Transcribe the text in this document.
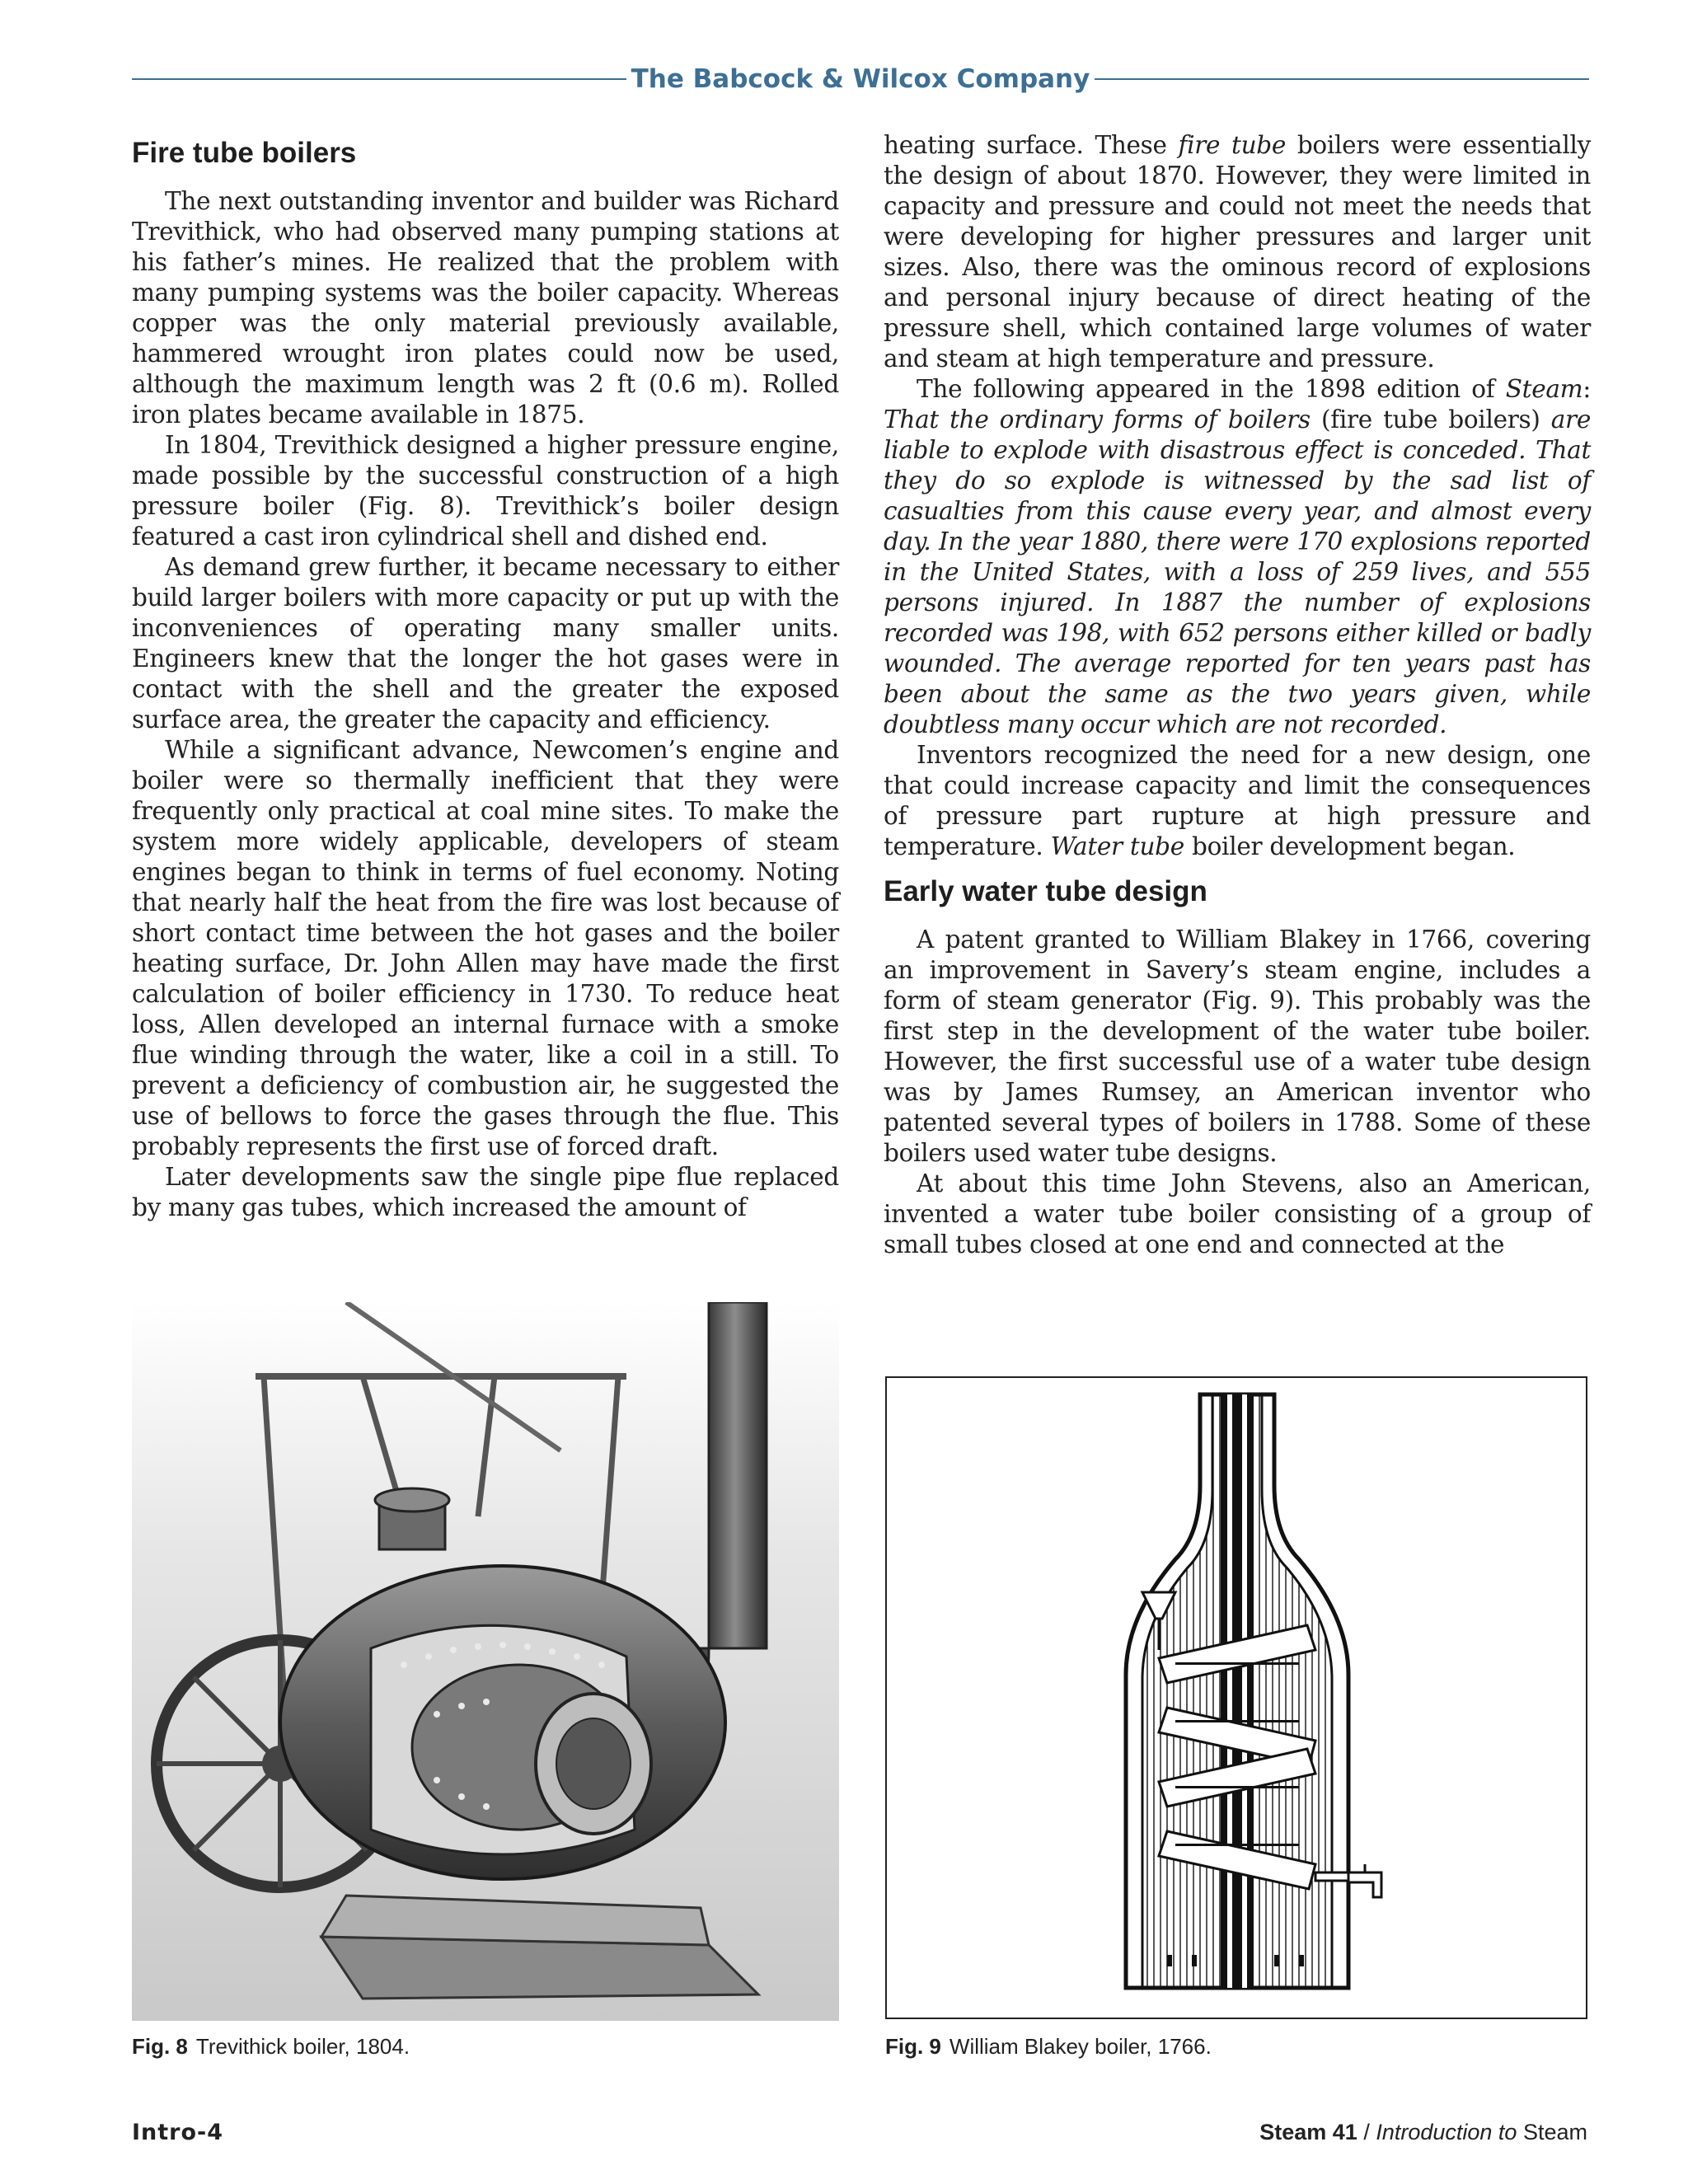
The Babcock & Wilcox Company
Fire tube boilers

The next outstanding inventor and builder was Richard Trevithick, who had observed many pumping stations at his father’s mines. He realized that the problem with many pumping systems was the boiler capacity. Whereas copper was the only material previously available, hammered wrought iron plates could now be used, although the maximum length was 2 ft (0.6 m). Rolled iron plates became available in 1875.

In 1804, Trevithick designed a higher pressure engine, made possible by the successful construction of a high pressure boiler (Fig. 8). Trevithick’s boiler design featured a cast iron cylindrical shell and dished end.

As demand grew further, it became necessary to either build larger boilers with more capacity or put up with the inconveniences of operating many smaller units. Engineers knew that the longer the hot gases were in contact with the shell and the greater the exposed surface area, the greater the capacity and efficiency.

While a significant advance, Newcomen’s engine and boiler were so thermally inefficient that they were frequently only practical at coal mine sites. To make the system more widely applicable, developers of steam engines began to think in terms of fuel economy. Noting that nearly half the heat from the fire was lost because of short contact time between the hot gases and the boiler heating surface, Dr. John Allen may have made the first calculation of boiler efficiency in 1730. To reduce heat loss, Allen developed an internal furnace with a smoke flue winding through the water, like a coil in a still. To prevent a deficiency of combustion air, he suggested the use of bellows to force the gases through the flue. This probably represents the first use of forced draft.

Later developments saw the single pipe flue replaced by many gas tubes, which increased the amount of

heating surface. These fire tube boilers were essentially the design of about 1870. However, they were limited in capacity and pressure and could not meet the needs that were developing for higher pressures and larger unit sizes. Also, there was the ominous record of explosions and personal injury because of direct heating of the pressure shell, which contained large volumes of water and steam at high temperature and pressure.

The following appeared in the 1898 edition of Steam: That the ordinary forms of boilers (fire tube boilers) are liable to explode with disastrous effect is conceded. That they do so explode is witnessed by the sad list of casualties from this cause every year, and almost every day. In the year 1880, there were 170 explosions reported in the United States, with a loss of 259 lives, and 555 persons injured. In 1887 the number of explosions recorded was 198, with 652 persons either killed or badly wounded. The average reported for ten years past has been about the same as the two years given, while doubtless many occur which are not recorded.

Inventors recognized the need for a new design, one that could increase capacity and limit the consequences of pressure part rupture at high pressure and temperature. Water tube boiler development began.

Early water tube design

A patent granted to William Blakey in 1766, covering an improvement in Savery’s steam engine, includes a form of steam generator (Fig. 9). This probably was the first step in the development of the water tube boiler. However, the first successful use of a water tube design was by James Rumsey, an American inventor who patented several types of boilers in 1788. Some of these boilers used water tube designs.

At about this time John Stevens, also an American, invented a water tube boiler consisting of a group of small tubes closed at one end and connected at the

Fig. 8 Trevithick boiler, 1804.	Fig. 9 William Blakey boiler, 1766.
Intro-4	Steam 41 / Introduction to Steam
